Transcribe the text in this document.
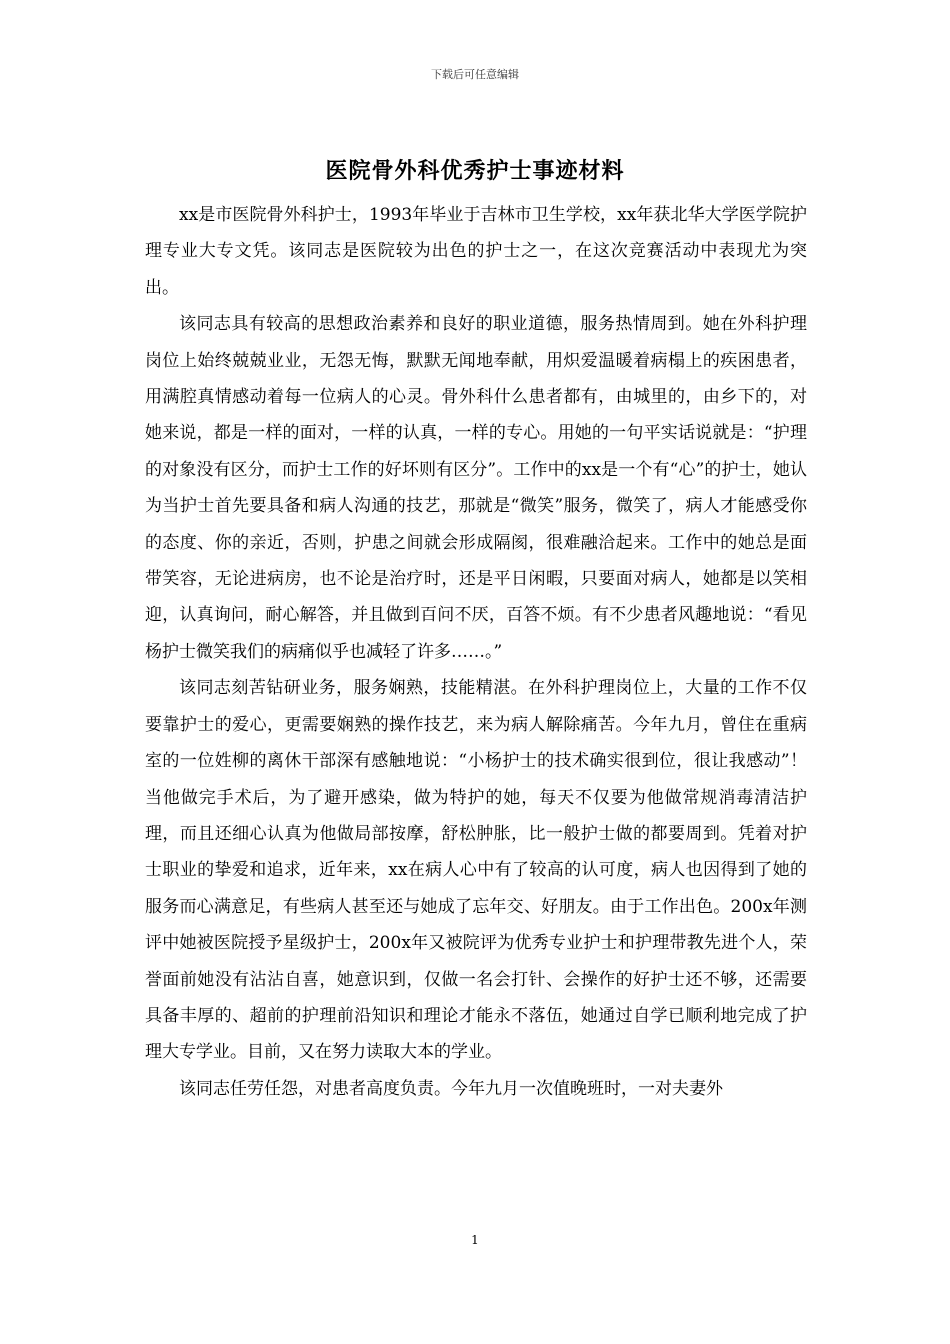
下载后可任意编辑
医院骨外科优秀护士事迹材料

xx是市医院骨外科护士，1993年毕业于吉林市卫生学校，xx年获北华大学医学院护理专业大专文凭。该同志是医院较为出色的护士之一，在这次竞赛活动中表现尤为突出。

该同志具有较高的思想政治素养和良好的职业道德，服务热情周到。她在外科护理岗位上始终兢兢业业，无怨无悔，默默无闻地奉献，用炽爱温暖着病榻上的疾困患者，用满腔真情感动着每一位病人的心灵。骨外科什么患者都有，由城里的，由乡下的，对她来说，都是一样的面对，一样的认真，一样的专心。用她的一句平实话说就是：“护理的对象没有区分，而护士工作的好坏则有区分”。工作中的xx是一个有“心”的护士，她认为当护士首先要具备和病人沟通的技艺，那就是“微笑”服务，微笑了，病人才能感受你的态度、你的亲近，否则，护患之间就会形成隔阂，很难融洽起来。工作中的她总是面带笑容，无论进病房，也不论是治疗时，还是平日闲暇，只要面对病人，她都是以笑相迎，认真询问，耐心解答，并且做到百问不厌，百答不烦。有不少患者风趣地说：“看见杨护士微笑我们的病痛似乎也减轻了许多……。”

该同志刻苦钻研业务，服务娴熟，技能精湛。在外科护理岗位上，大量的工作不仅要靠护士的爱心，更需要娴熟的操作技艺，来为病人解除痛苦。今年九月，曾住在重病室的一位姓柳的离休干部深有感触地说：“小杨护士的技术确实很到位，很让我感动”！当他做完手术后，为了避开感染，做为特护的她，每天不仅要为他做常规消毒清洁护理，而且还细心认真为他做局部按摩，舒松肿胀，比一般护士做的都要周到。凭着对护士职业的挚爱和追求，近年来，xx在病人心中有了较高的认可度，病人也因得到了她的服务而心满意足，有些病人甚至还与她成了忘年交、好朋友。由于工作出色。200x年测评中她被医院授予星级护士，200x年又被院评为优秀专业护士和护理带教先进个人，荣誉面前她没有沾沾自喜，她意识到，仅做一名会打针、会操作的好护士还不够，还需要具备丰厚的、超前的护理前沿知识和理论才能永不落伍，她通过自学已顺利地完成了护理大专学业。目前，又在努力读取大本的学业。

该同志任劳任怨，对患者高度负责。今年九月一次值晚班时，一对夫妻外

1
